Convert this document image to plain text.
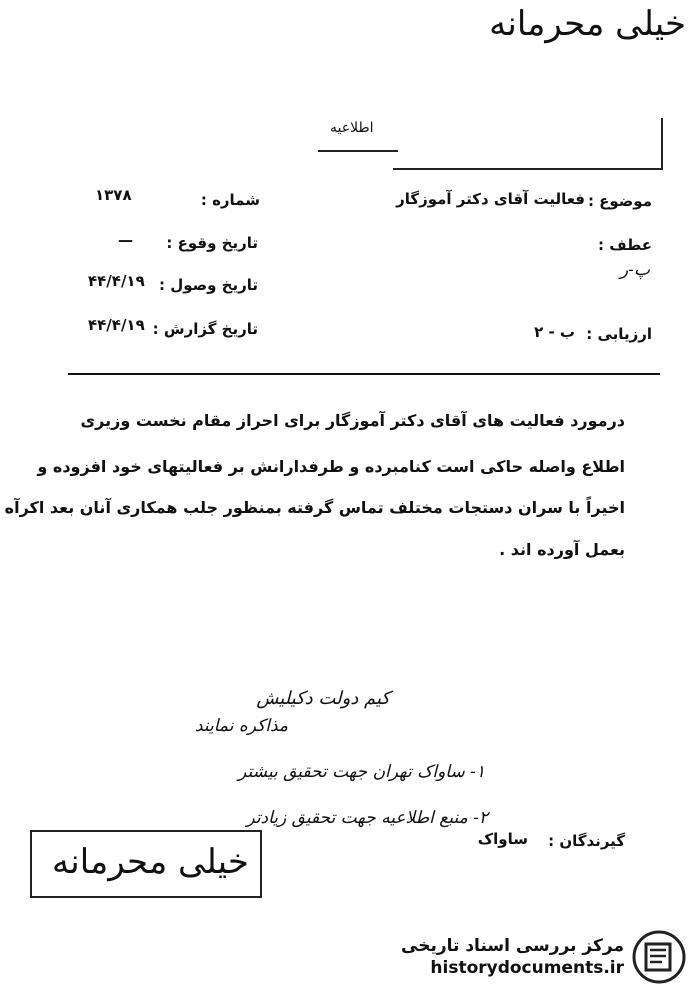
خیلی محرمانه
اطلاعیه
موضوع :
فعالیت آقای دکتر آموزگار
شماره :
۱۳۷۸
تاریخ وقوع :
—	عطف :
پ-ر
تاریخ وصول :
۴۴/۴/۱۹
تاریخ گزارش :
۴۴/۴/۱۹	ارزیابی :
ب - ۲
درمورد فعالیت های آقای دکتر آموزگار برای احراز مقام نخست وزیری
اطلاع واصله حاکی است کنامبرده و طرفدارانش بر فعالیتهای خود افزوده و
اخیراً با سران دستجات مختلف تماس گرفته بمنظور جلب همکاری آنان بعد اکرآه
بعمل آورده اند .
کیم دولت دکیلیش
مذاکره نمایند
۱- ساواک تهران جهت تحقیق بیشتر
۲- منبع اطلاعیه جهت تحقیق زیادتر
گیرندگان :
ساواک
خیلی محرمانه
مرکز بررسی اسناد تاریخی
historydocuments.ir
